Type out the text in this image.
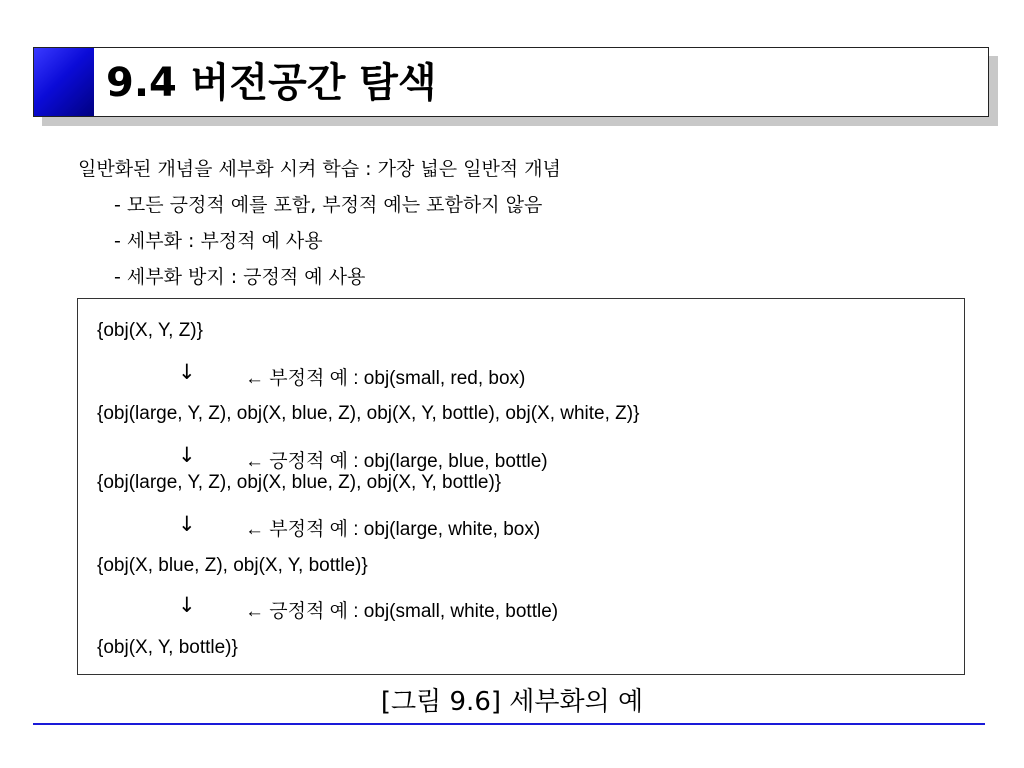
9.4 버전공간 탐색
일반화된 개념을 세부화 시켜 학습 : 가장 넓은 일반적 개념
- 모든 긍정적 예를 포함, 부정적 예는 포함하지 않음
- 세부화 : 부정적 예 사용
- 세부화 방지 : 긍정적 예 사용
{obj(X, Y, Z)}
↓	← 부정적 예 : obj(small, red, box)
{obj(large, Y, Z), obj(X, blue, Z), obj(X, Y, bottle), obj(X, white, Z)}
↓	← 긍정적 예 : obj(large, blue, bottle)
{obj(large, Y, Z), obj(X, blue, Z), obj(X, Y, bottle)}
↓	← 부정적 예 : obj(large, white, box)
{obj(X, blue, Z), obj(X, Y, bottle)}
↓	← 긍정적 예 : obj(small, white, bottle)
{obj(X, Y, bottle)}
[그림 9.6] 세부화의 예
